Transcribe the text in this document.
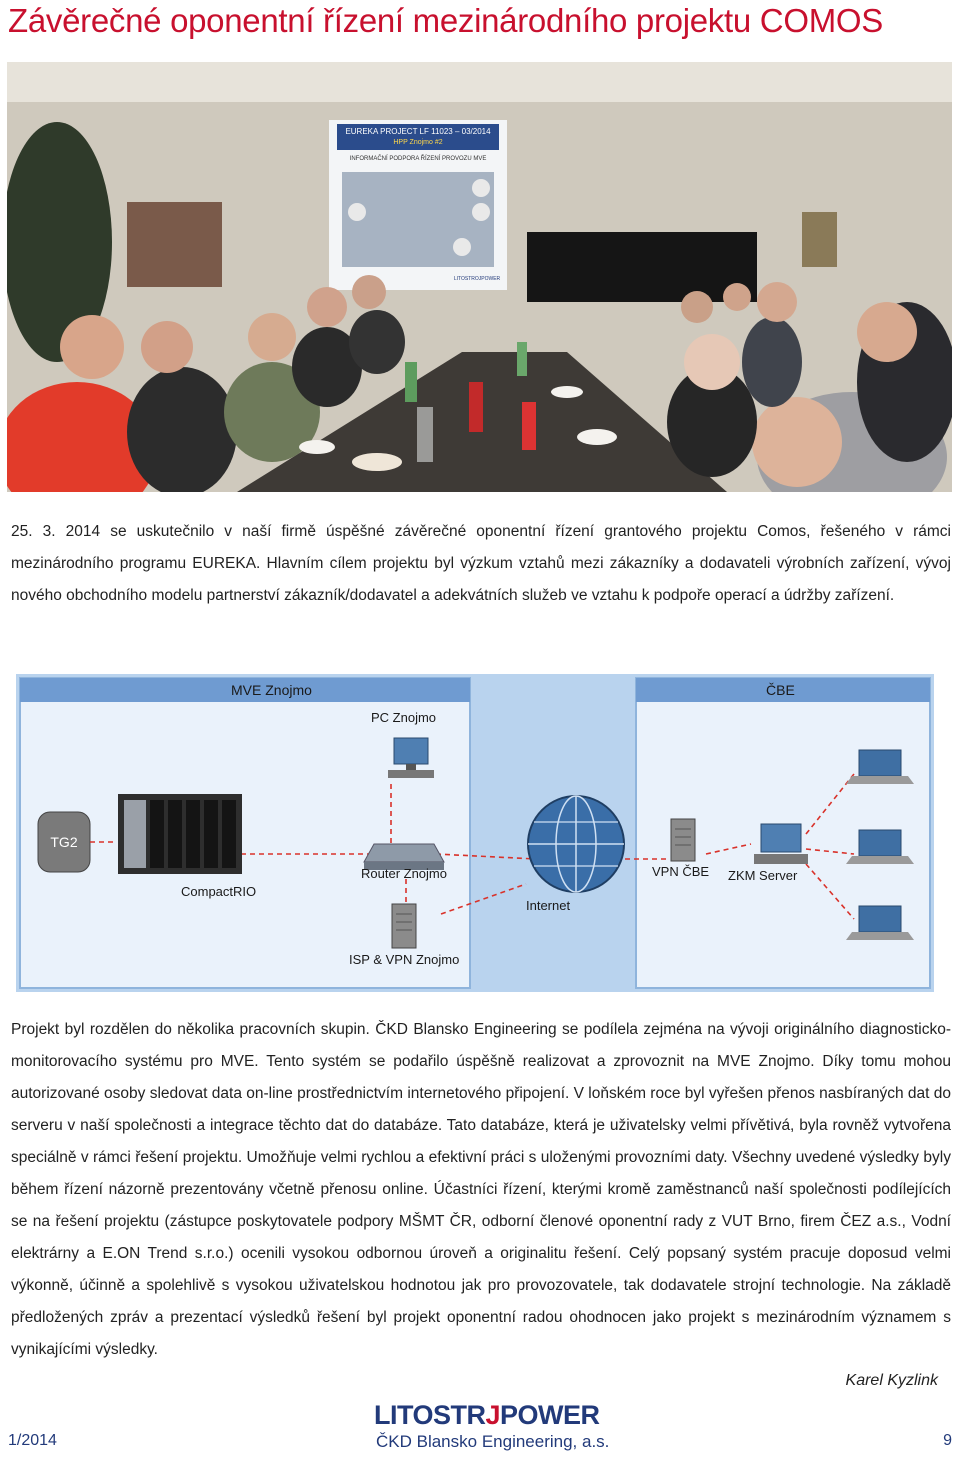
Závěrečné oponentní řízení mezinárodního projektu COMOS
EUREKA PROJECT LF 11023 – 03/2014
HPP Znojmo #2
INFORMAČNÍ PODPORA ŘÍZENÍ PROVOZU MVE
LITOSTROJPOWER

25. 3. 2014 se uskutečnilo v naší firmě úspěšné závěrečné oponentní řízení grantového projektu Comos, řešeného v rámci mezinárodního programu EUREKA. Hlavním cílem projektu byl výzkum vztahů mezi zákazníky a dodavateli výrobních zařízení, vývoj nového obchodního modelu partnerství zákazník/dodavatel a adekvátních služeb ve vztahu k podpoře operací a údržby zařízení.

MVE Znojmo	ČBE
PC Znojmo
TG2
CompactRIO
Router Znojmo
ISP & VPN Znojmo
Internet
VPN ČBE ZKM Server

Projekt byl rozdělen do několika pracovních skupin. ČKD Blansko Engineering se podílela zejména na vývoji originálního diagnosticko-monitorovacího systému pro MVE. Tento systém se podařilo úspěšně realizovat a zprovoznit na MVE Znojmo. Díky tomu mohou autorizované osoby sledovat data on-line prostřednictvím internetového připojení. V loňském roce byl vyřešen přenos nasbíraných dat do serveru v naší společnosti a integrace těchto dat do databáze. Tato databáze, která je uživatelsky velmi přívětivá, byla rovněž vytvořena speciálně v rámci řešení projektu. Umožňuje velmi rychlou a efektivní práci s uloženými provozními daty. Všechny uvedené výsledky byly během řízení názorně prezentovány včetně přenosu online. Účastníci řízení, kterými kromě zaměstnanců naší společnosti podílejících se na řešení projektu (zástupce poskytovatele podpory MŠMT ČR, odborní členové oponentní rady z VUT Brno, firem ČEZ a.s., Vodní elektrárny a E.ON Trend s.r.o.) ocenili vysokou odbornou úroveň a originalitu řešení. Celý popsaný systém pracuje doposud velmi výkonně, účinně a spolehlivě s vysokou uživatelskou hodnotou jak pro provozovatele, tak dodavatele strojní technologie. Na základě předložených zpráv a prezentací výsledků řešení byl projekt oponentní radou ohodnocen jako projekt s mezinárodním významem s vynikajícími výsledky.

Karel Kyzlink
1/2014
LITOSTRJPOWER
ČKD Blansko Engineering, a.s.	9
